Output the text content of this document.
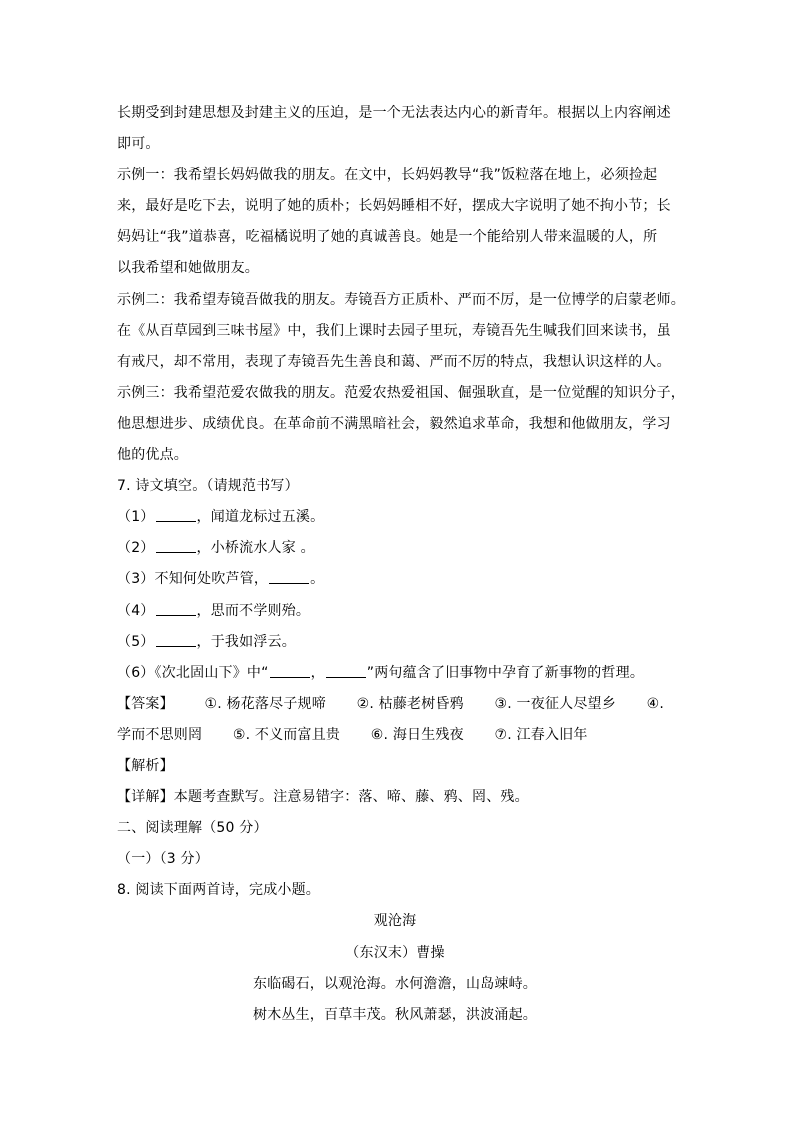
长期受到封建思想及封建主义的压迫，是一个无法表达内心的新青年。根据以上内容阐述
即可。
示例一：我希望长妈妈做我的朋友。在文中，长妈妈教导“我”饭粒落在地上，必须捡起
来，最好是吃下去，说明了她的质朴；长妈妈睡相不好，摆成大字说明了她不拘小节；长
妈妈让“我”道恭喜，吃福橘说明了她的真诚善良。她是一个能给别人带来温暖的人，所
以我希望和她做朋友。
示例二：我希望寿镜吾做我的朋友。寿镜吾方正质朴、严而不厉，是一位博学的启蒙老师。
在《从百草园到三味书屋》中，我们上课时去园子里玩，寿镜吾先生喊我们回来读书，虽
有戒尺，却不常用，表现了寿镜吾先生善良和蔼、严而不厉的特点，我想认识这样的人。
示例三：我希望范爱农做我的朋友。范爱农热爱祖国、倔强耿直，是一位觉醒的知识分子，
他思想进步、成绩优良。在革命前不满黑暗社会，毅然追求革命，我想和他做朋友，学习
他的优点。
7. 诗文填空。（请规范书写）
（1）	，闻道龙标过五溪。
（2）	，小桥流水人家 。
（3）不知何处吹芦管，	。
（4）	，思而不学则殆。
（5）	，于我如浮云。
（6）《次北固山下》中“	，	”两句蕴含了旧事物中孕育了新事物的哲理。
【答案】 ①. 杨花落尽子规啼 ②. 枯藤老树昏鸦 ③. 一夜征人尽望乡 ④.
学而不思则罔 ⑤. 不义而富且贵 ⑥. 海日生残夜 ⑦. 江春入旧年
【解析】
【详解】本题考查默写。注意易错字：落、啼、藤、鸦、罔、残。
二、阅读理解（50 分）
（一）（3 分）
8. 阅读下面两首诗，完成小题。
观沧海
（东汉末）曹操
东临碣石，以观沧海。水何澹澹，山岛竦峙。
树木丛生，百草丰茂。秋风萧瑟，洪波涌起。
